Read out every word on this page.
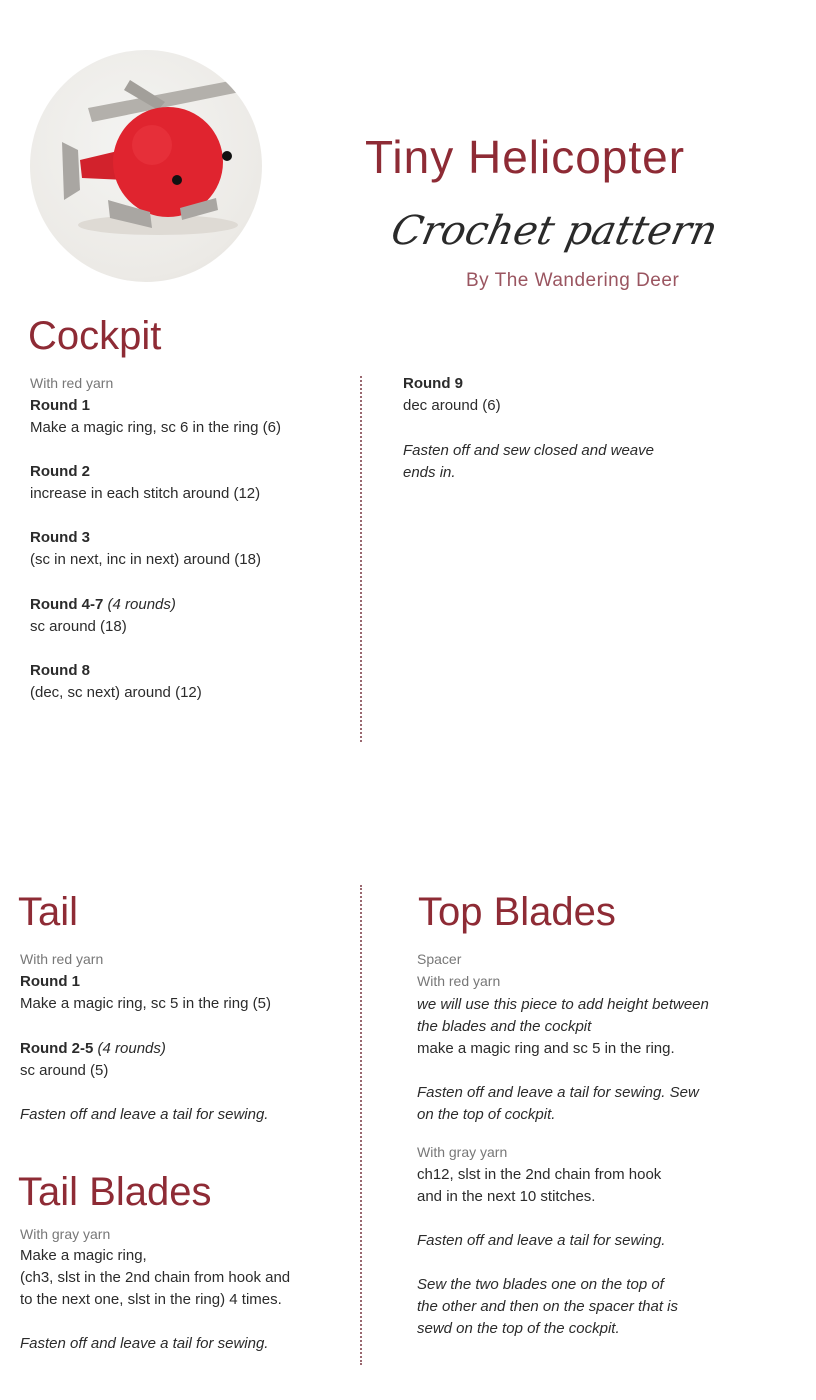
Tiny Helicopter
Crochet pattern
By The Wandering Deer
Cockpit
With red yarn
Round 1
Make a magic ring, sc 6 in the ring (6)
Round 2
increase in each stitch around (12)
Round 3
(sc in next, inc in next) around (18)
Round 4-7 (4 rounds)
sc around (18)
Round 8
(dec, sc next) around (12)
Round 9
dec around (6)
Fasten off and sew closed and weave
ends in.
Tail
With red yarn
Round 1
Make a magic ring, sc 5 in the ring (5)
Round 2-5 (4 rounds)
sc around (5)
Fasten off and leave a tail for sewing.
Tail Blades
With gray yarn
Make a magic ring,
(ch3, slst in the 2nd chain from hook and
to the next one, slst in the ring) 4 times.
Fasten off and leave a tail for sewing.
Top Blades
Spacer
With red yarn
we will use this piece to add height between
the blades and the cockpit
make a magic ring and sc 5 in the ring.
Fasten off and leave a tail for sewing. Sew
on the top of cockpit.
With gray yarn
ch12, slst in the 2nd chain from hook
and in the next 10 stitches.
Fasten off and leave a tail for sewing.
Sew the two blades one on the top of
the other and then on the spacer that is
sewd on the top of the cockpit.
